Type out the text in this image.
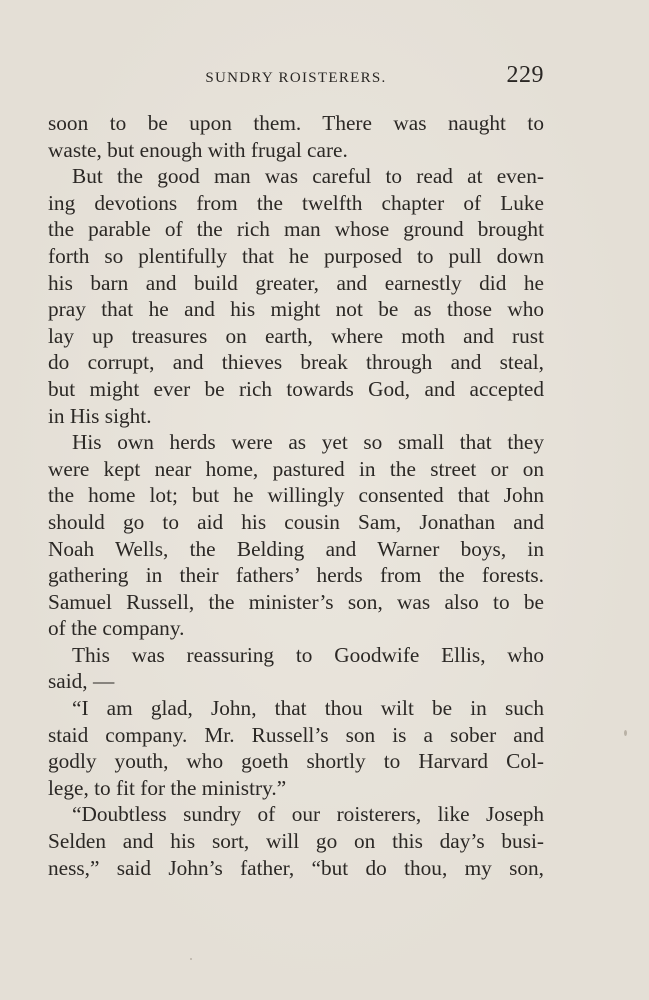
SUNDRY ROISTERERS.	229
soon to be upon them. There was naught to
waste, but enough with frugal care.
But the good man was careful to read at even-
ing devotions from the twelfth chapter of Luke
the parable of the rich man whose ground brought
forth so plentifully that he purposed to pull down
his barn and build greater, and earnestly did he
pray that he and his might not be as those who
lay up treasures on earth, where moth and rust
do corrupt, and thieves break through and steal,
but might ever be rich towards God, and accepted
in His sight.
His own herds were as yet so small that they
were kept near home, pastured in the street or on
the home lot; but he willingly consented that John
should go to aid his cousin Sam, Jonathan and
Noah Wells, the Belding and Warner boys, in
gathering in their fathers’ herds from the forests.
Samuel Russell, the minister’s son, was also to be
of the company.
This was reassuring to Goodwife Ellis, who
said, —
“I am glad, John, that thou wilt be in such
staid company. Mr. Russell’s son is a sober and
godly youth, who goeth shortly to Harvard Col-
lege, to fit for the ministry.”
“Doubtless sundry of our roisterers, like Joseph
Selden and his sort, will go on this day’s busi-
ness,” said John’s father, “but do thou, my son,
